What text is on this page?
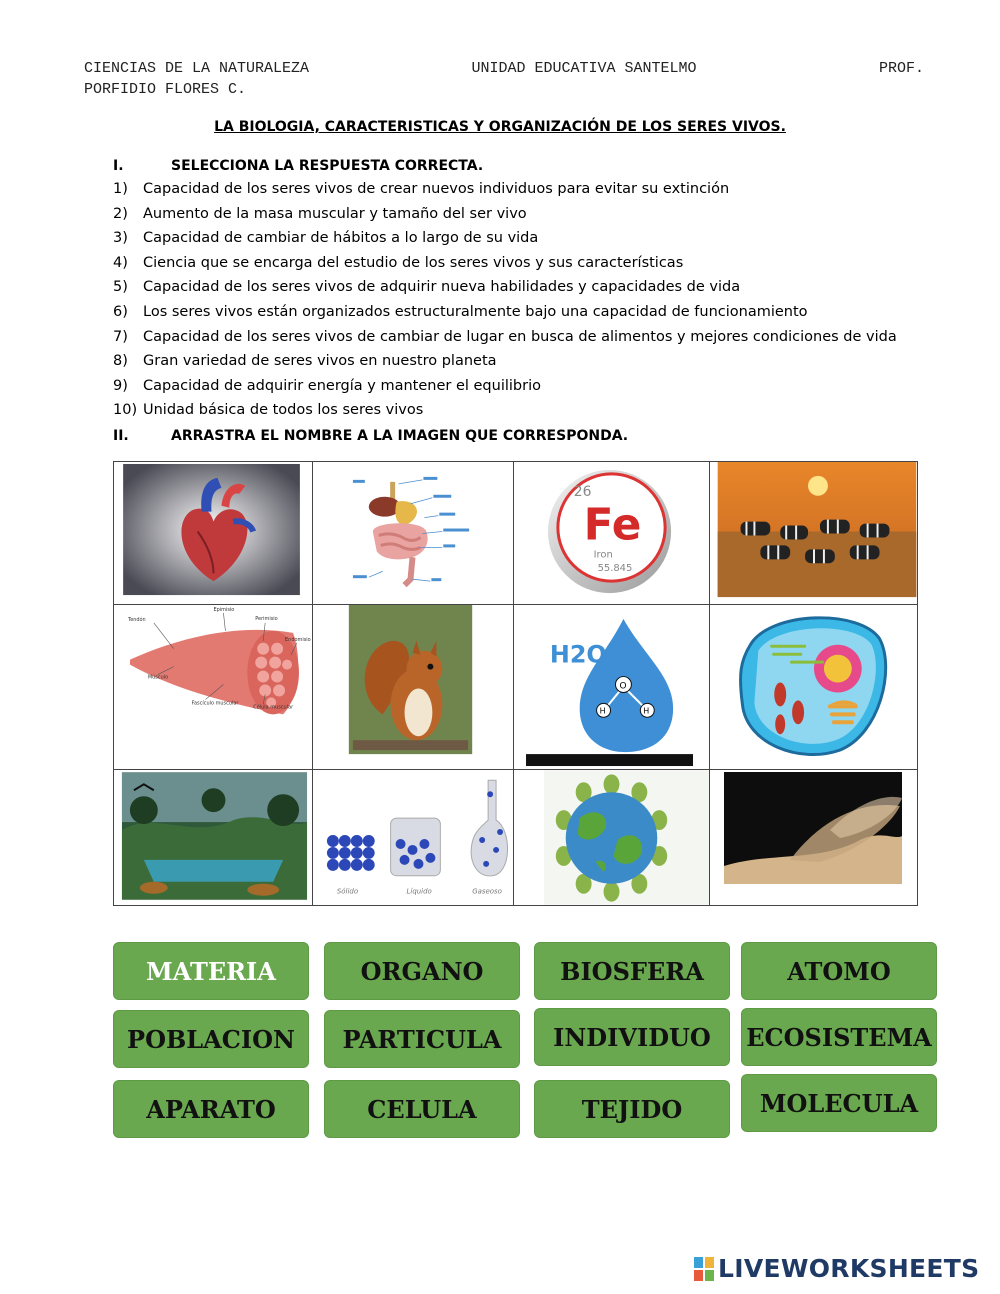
CIENCIAS DE LA NATURALEZA	UNIDAD EDUCATIVA SANTELMO	PROF.
PORFIDIO FLORES C.
LA BIOLOGIA, CARACTERISTICAS Y ORGANIZACIÓN DE LOS SERES VIVOS.
I.	SELECCIONA LA RESPUESTA CORRECTA.
1) Capacidad de los seres vivos de crear nuevos individuos para evitar su extinción
2) Aumento de la masa muscular y tamaño del ser vivo
3) Capacidad de cambiar de hábitos a lo largo de su vida
4) Ciencia que se encarga del estudio de los seres vivos y sus características
5) Capacidad de los seres vivos de adquirir nueva habilidades y capacidades de vida
6) Los seres vivos están organizados estructuralmente bajo una capacidad de funcionamiento
7) Capacidad de los seres vivos de cambiar de lugar en busca de alimentos y mejores condiciones de vida
8) Gran variedad de seres vivos en nuestro planeta
9) Capacidad de adquirir energía y mantener el equilibrio
10) Unidad básica de todos los seres vivos
II.	ARRASTRA EL NOMBRE A LA IMAGEN QUE CORRESPONDA.
26
Fe
Iron
55.845
Tendón
Epimisio
Perimisio
Endomisio
Músculo
Fascículo muscular
Célula muscular
H2O
O
H	H
Sólido	Líquido	Gaseoso
MATERIA	ORGANO	BIOSFERA	ATOMO
POBLACION	PARTICULA	INDIVIDUO	ECOSISTEMA
APARATO	CELULA	TEJIDO	MOLECULA
LIVEWORKSHEETS
